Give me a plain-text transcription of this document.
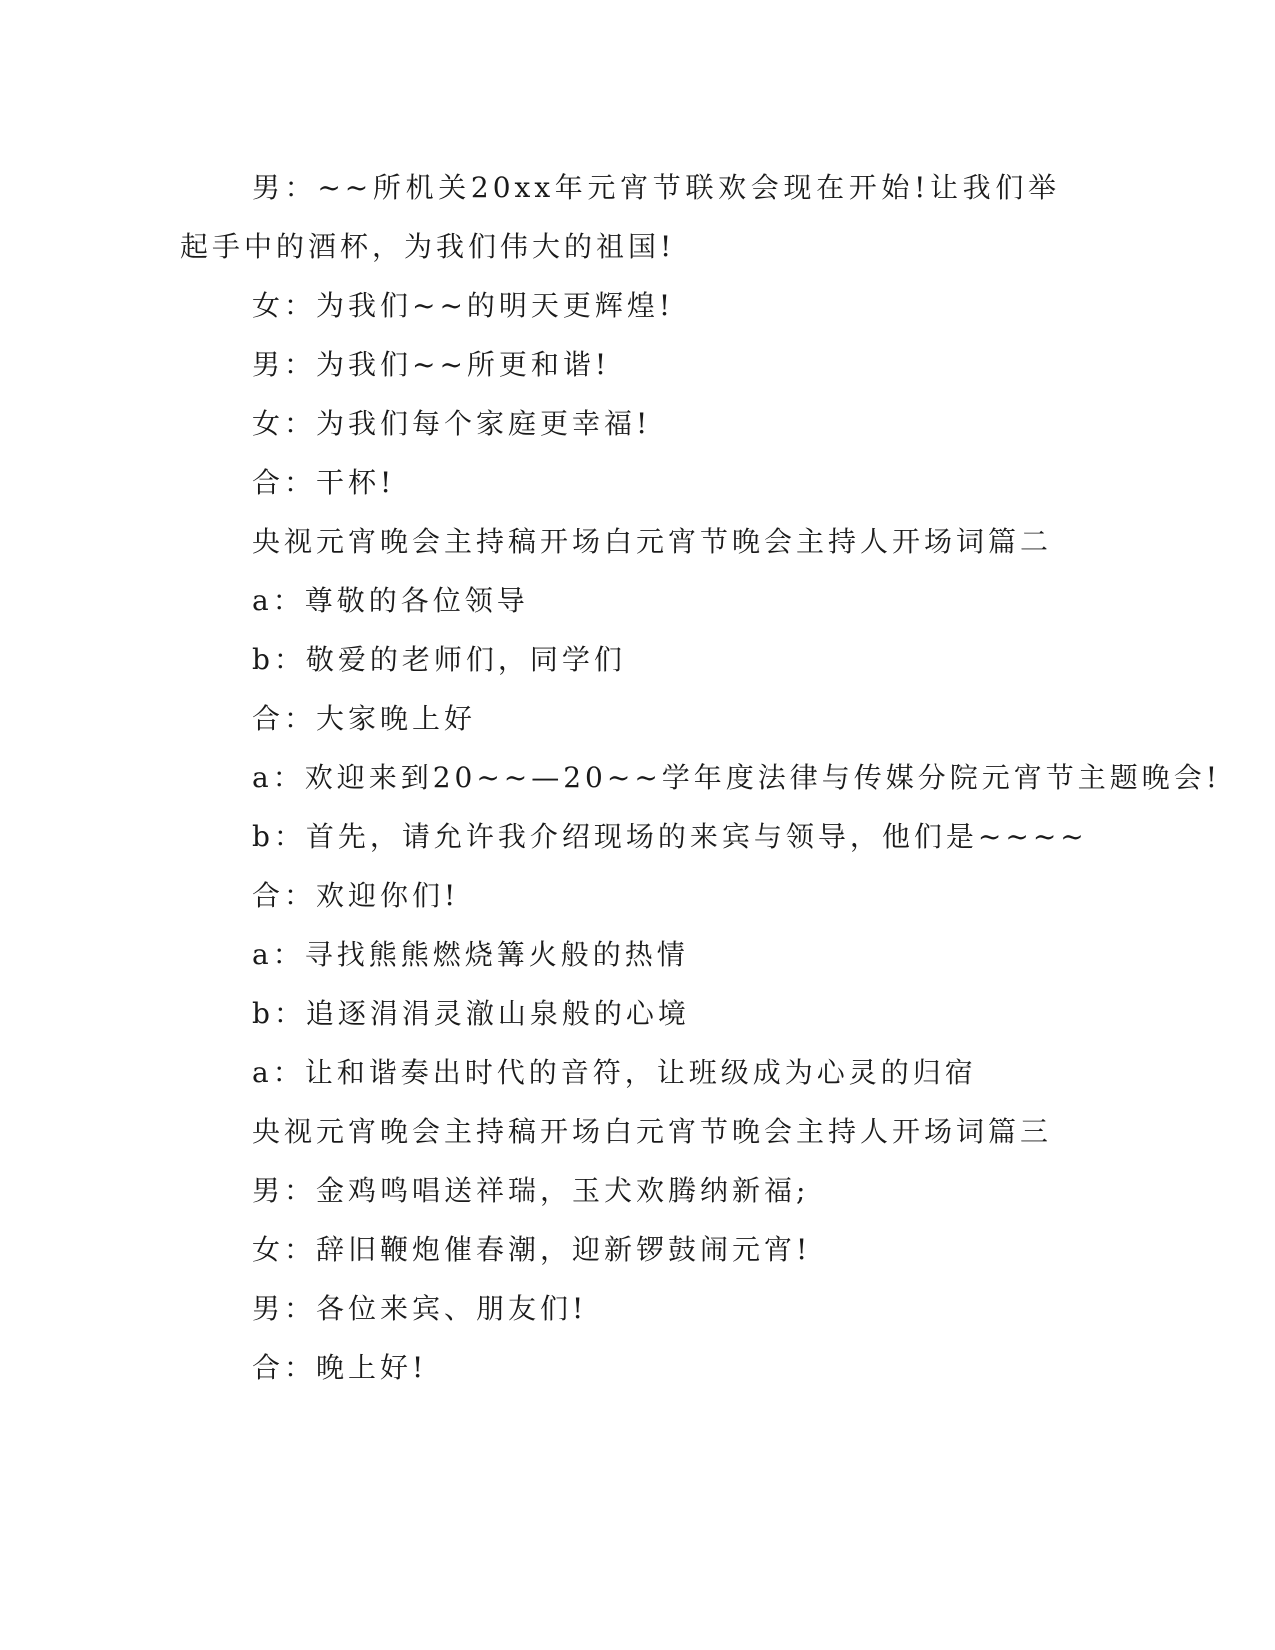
男：~~所机关20xx年元宵节联欢会现在开始!让我们举起手中的酒杯，为我们伟大的祖国!

女：为我们~~的明天更辉煌!

男：为我们~~所更和谐!

女：为我们每个家庭更幸福!

合：干杯!

央视元宵晚会主持稿开场白元宵节晚会主持人开场词篇二

a：尊敬的各位领导

b：敬爱的老师们，同学们

合：大家晚上好

a：欢迎来到20~~—20~~学年度法律与传媒分院元宵节主题晚会!

b：首先，请允许我介绍现场的来宾与领导，他们是~~~~

合：欢迎你们!

a：寻找熊熊燃烧篝火般的热情

b：追逐涓涓灵澈山泉般的心境

a：让和谐奏出时代的音符，让班级成为心灵的归宿

央视元宵晚会主持稿开场白元宵节晚会主持人开场词篇三

男：金鸡鸣唱送祥瑞，玉犬欢腾纳新福;

女：辞旧鞭炮催春潮，迎新锣鼓闹元宵!

男：各位来宾、朋友们!

合：晚上好!
